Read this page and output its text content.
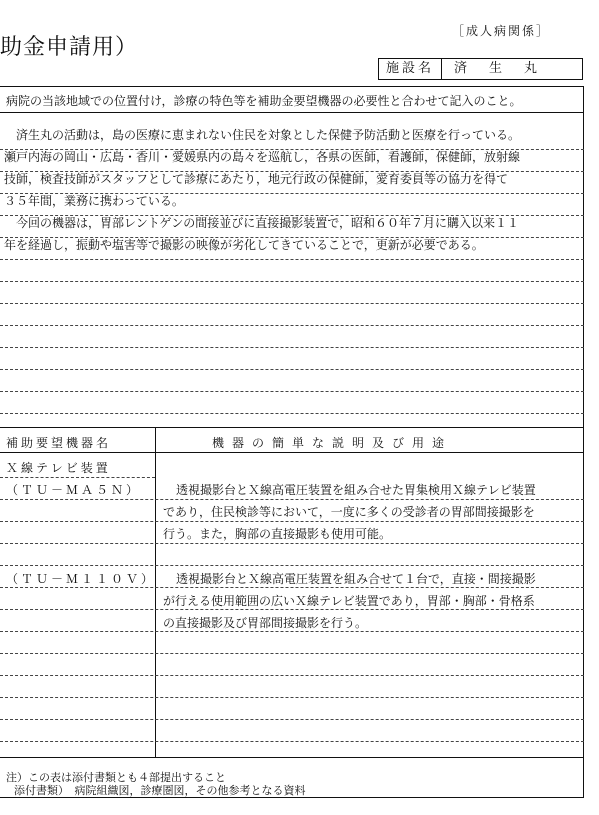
助金申請用）
［成人病関係］
施設名	済生丸
病院の当該地域での位置付け，診療の特色等を補助金要望機器の必要性と合わせて記入のこと。
　済生丸の活動は，島の医療に恵まれない住民を対象とした保健予防活動と医療を行っている。
瀬戸内海の岡山・広島・香川・愛媛県内の島々を巡航し，各県の医師，看護師，保健師，放射線
技師，検査技師がスタッフとして診療にあたり，地元行政の保健師，愛育委員等の協力を得て
３５年間，業務に携わっている。
　今回の機器は，胃部レントゲンの間接並びに直接撮影装置で，昭和６０年７月に購入以来１１
年を経過し，振動や塩害等で撮影の映像が劣化してきていることで，更新が必要である。
補助要望機器名	機器の簡単な説明及び用途
Ｘ線テレビ装置
（ＴＵ－ＭＡ５Ｎ）	透視撮影台とＸ線高電圧装置を組み合せた胃集検用Ｘ線テレビ装置
であり，住民検診等において，一度に多くの受診者の胃部間接撮影を
行う。また，胸部の直接撮影も使用可能。
（ＴＵ－Ｍ１１０Ｖ） 透視撮影台とＸ線高電圧装置を組み合せて１台で，直接・間接撮影
が行える使用範囲の広いＸ線テレビ装置であり，胃部・胸部・骨格系
の直接撮影及び胃部間接撮影を行う。
注）この表は添付書類とも４部提出すること
添付書類）　病院組織図，診療圏図，その他参考となる資料
